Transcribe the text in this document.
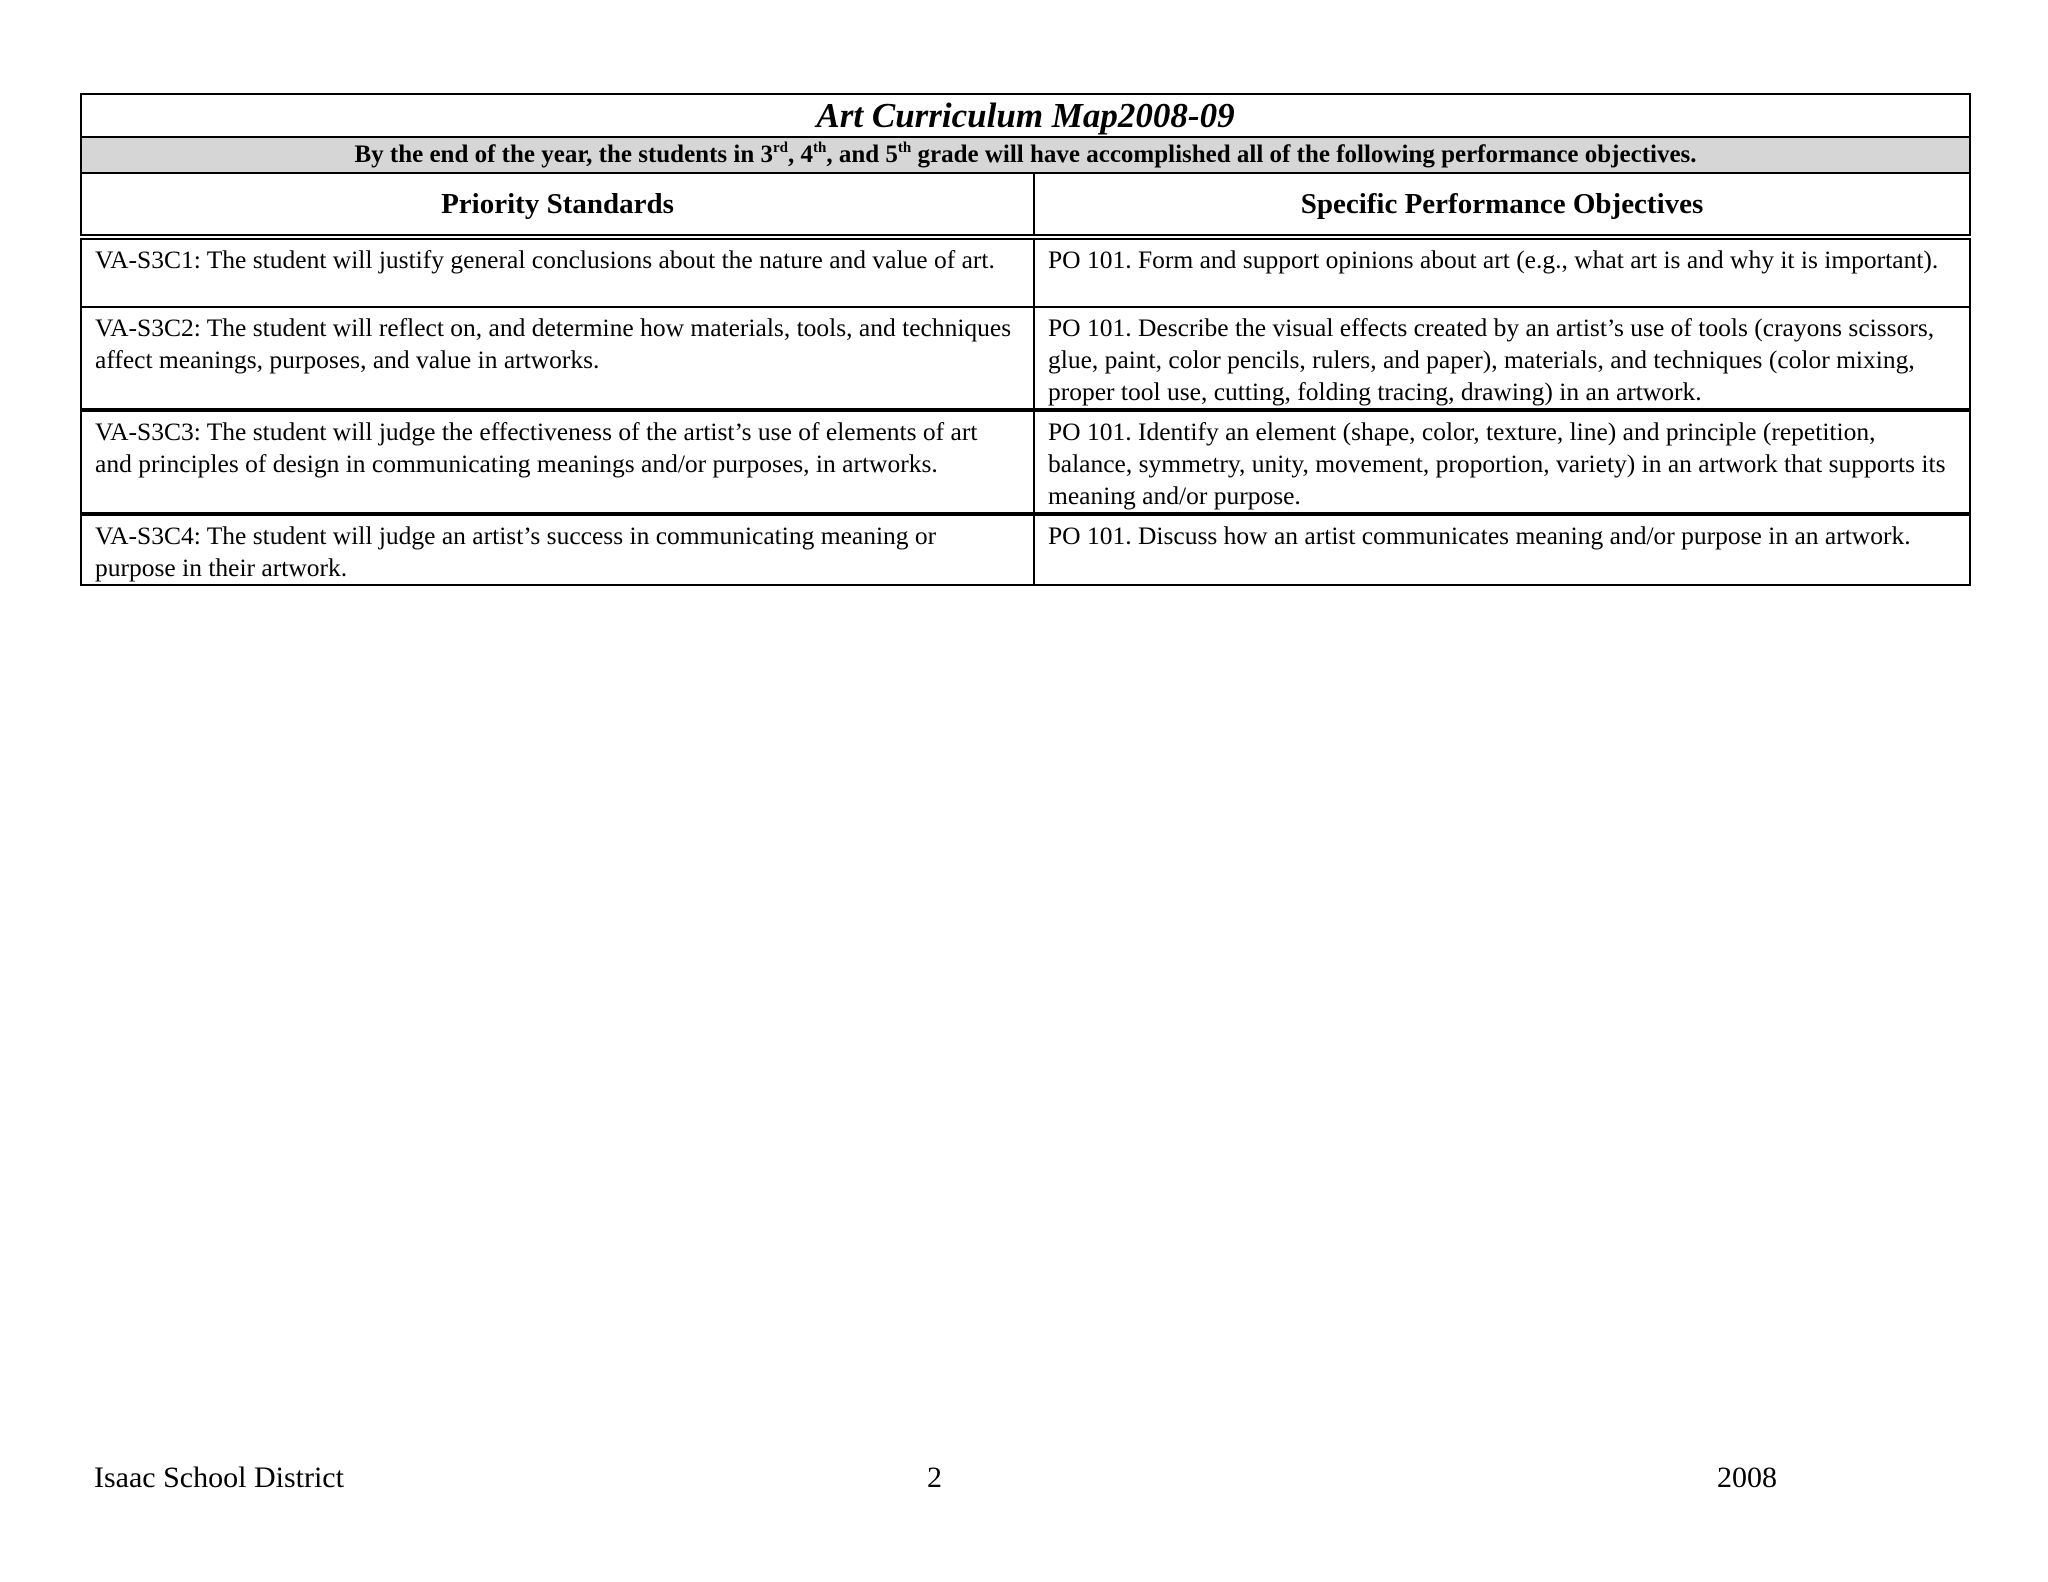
Art Curriculum Map2008-09	
By the end of the year, the students in 3rd, 4th, and 5th grade will have accomplished all of the following performance objectives.	
Priority Standards	Specific Performance Objectives
VA-S3C1: The student will justify general conclusions about the nature and value of art.	PO 101. Form and support opinions about art (e.g., what art is and why it is important).
VA-S3C2: The student will reflect on, and determine how materials, tools, and techniques affect meanings, purposes, and value in artworks.	PO 101. Describe the visual effects created by an artist’s use of tools (crayons scissors, glue, paint, color pencils, rulers, and paper), materials, and techniques (color mixing, proper tool use, cutting, folding tracing, drawing) in an artwork.
VA-S3C3: The student will judge the effectiveness of the artist’s use of elements of art and principles of design in communicating meanings and/or purposes, in artworks.	PO 101. Identify an element (shape, color, texture, line) and principle (repetition, balance, symmetry, unity, movement, proportion, variety) in an artwork that supports its meaning and/or purpose.
VA-S3C4: The student will judge an artist’s success in communicating meaning or purpose in their artwork.	PO 101. Discuss how an artist communicates meaning and/or purpose in an artwork.
Isaac School District	2	2008
